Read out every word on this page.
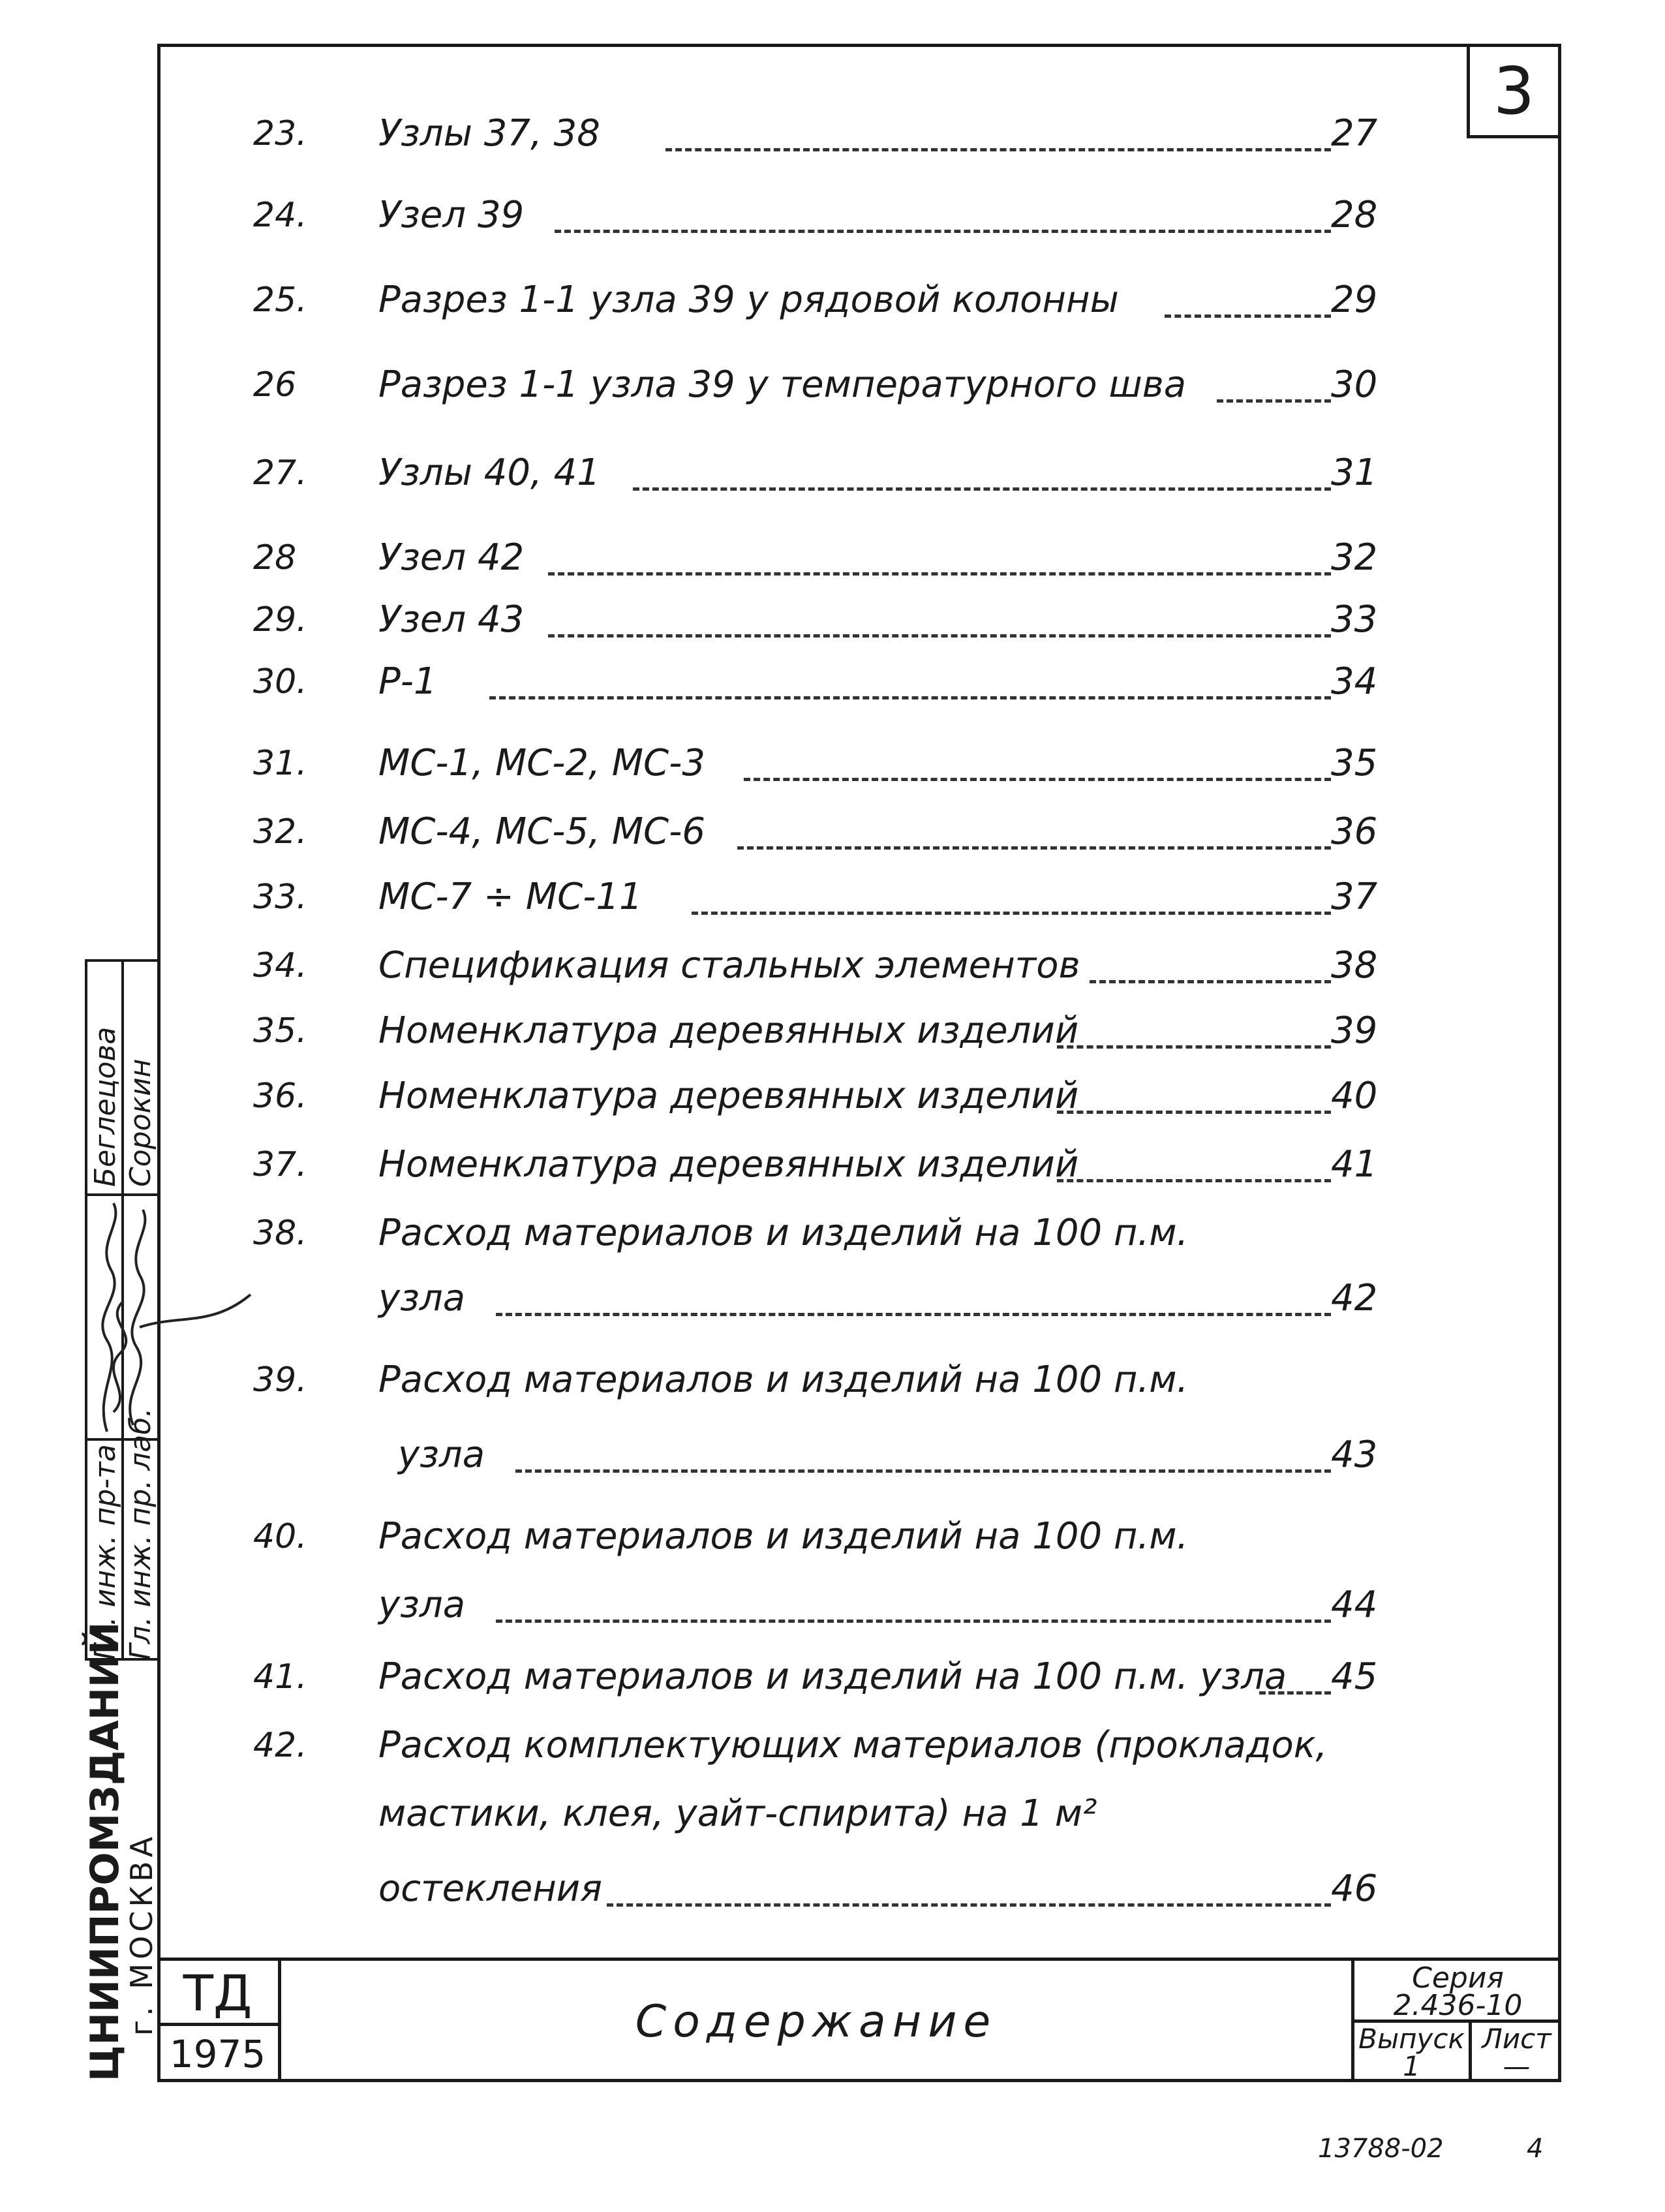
3
23.	Узлы 37, 38	27
24.	Узел 39	28
25.	Разрез 1-1 узла 39 у рядовой колонны	29
26	Разрез 1-1 узла 39 у температурного шва	30
27.	Узлы 40, 41	31
28	Узел 42	32
29.	Узел 43	33
30.	Р-1	34
31.	МС-1, МС-2, МС-3	35
32.	МС-4, МС-5, МС-6	36
33.	МС-7 ÷ МС-11	37
34.	Спецификация стальных элементов	38
35.	Номенклатура деревянных изделий	39
36.	Номенклатура деревянных изделий	40
37.	Номенклатура деревянных изделий	41
38.	Расход материалов и изделий на 100 п.м.
узла	42
39.	Расход материалов и изделий на 100 п.м.
узла	43
40.	Расход материалов и изделий на 100 п.м.
узла	44
41.	Расход материалов и изделий на 100 п.м. узла 45
42.	Расход комплектующих материалов (прокладок,
мастики, клея, уайт-спирита) на 1 м²
остекления	46
Гл. инж. пр-та Гл. инж. пр. лаб.
Беглецова Сорокин
ЦНИИПРОМЗДАНИЙ
г. МОСКВА ТД
1975
Содержание
Серия
2.436-10
Выпуск
1
Лист
—
13788-02	4
